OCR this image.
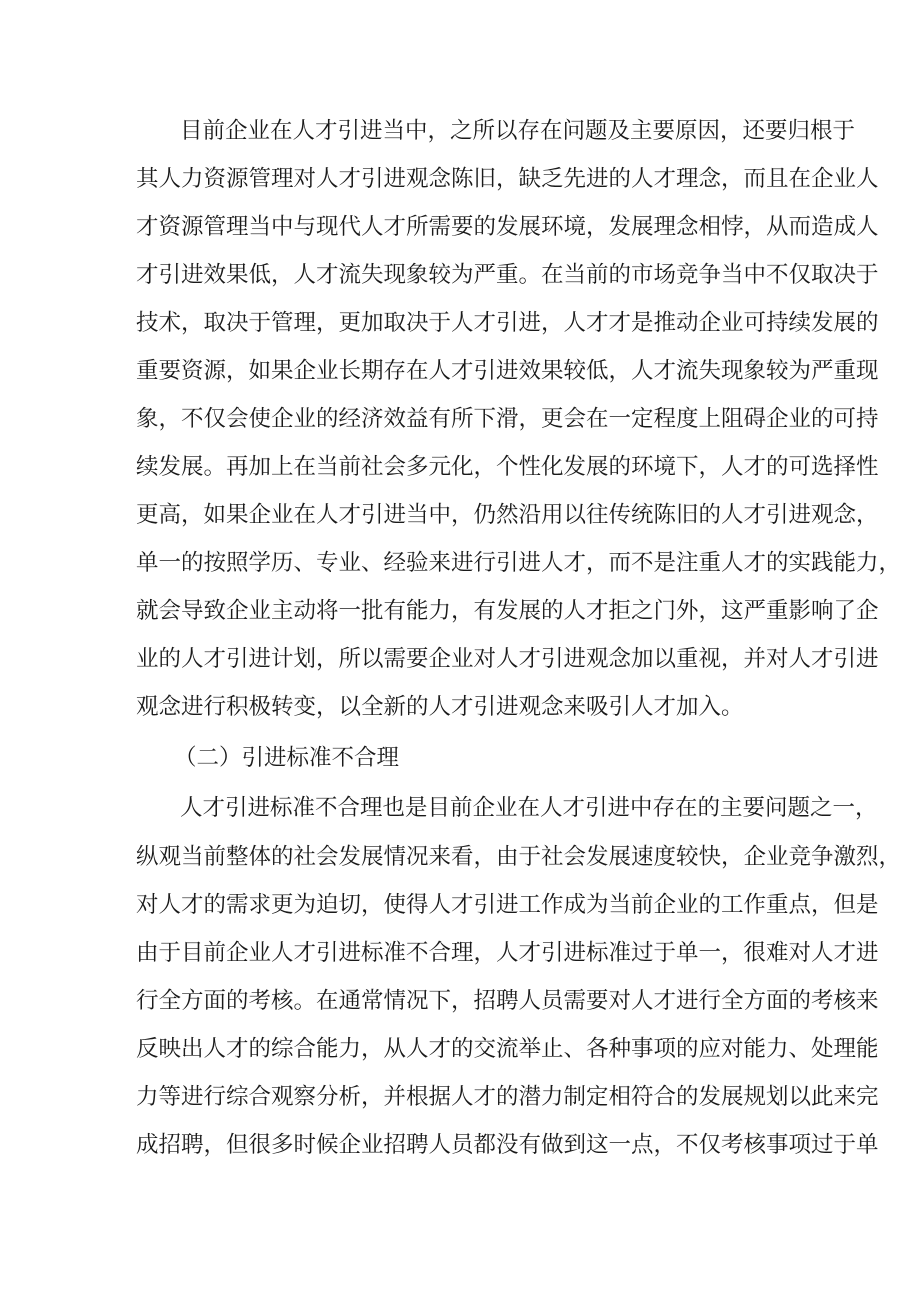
目前企业在人才引进当中，之所以存在问题及主要原因，还要归根于
其人力资源管理对人才引进观念陈旧，缺乏先进的人才理念，而且在企业人
才资源管理当中与现代人才所需要的发展环境，发展理念相悖，从而造成人
才引进效果低，人才流失现象较为严重。在当前的市场竞争当中不仅取决于
技术，取决于管理，更加取决于人才引进，人才才是推动企业可持续发展的
重要资源，如果企业长期存在人才引进效果较低，人才流失现象较为严重现
象，不仅会使企业的经济效益有所下滑，更会在一定程度上阻碍企业的可持
续发展。再加上在当前社会多元化，个性化发展的环境下，人才的可选择性
更高，如果企业在人才引进当中，仍然沿用以往传统陈旧的人才引进观念，
单一的按照学历、专业、经验来进行引进人才，而不是注重人才的实践能力，
就会导致企业主动将一批有能力，有发展的人才拒之门外，这严重影响了企
业的人才引进计划，所以需要企业对人才引进观念加以重视，并对人才引进
观念进行积极转变，以全新的人才引进观念来吸引人才加入。
（二）引进标准不合理
人才引进标准不合理也是目前企业在人才引进中存在的主要问题之一，
纵观当前整体的社会发展情况来看，由于社会发展速度较快，企业竞争激烈，
对人才的需求更为迫切，使得人才引进工作成为当前企业的工作重点，但是
由于目前企业人才引进标准不合理，人才引进标准过于单一，很难对人才进
行全方面的考核。在通常情况下，招聘人员需要对人才进行全方面的考核来
反映出人才的综合能力，从人才的交流举止、各种事项的应对能力、处理能
力等进行综合观察分析，并根据人才的潜力制定相符合的发展规划以此来完
成招聘，但很多时候企业招聘人员都没有做到这一点，不仅考核事项过于单
